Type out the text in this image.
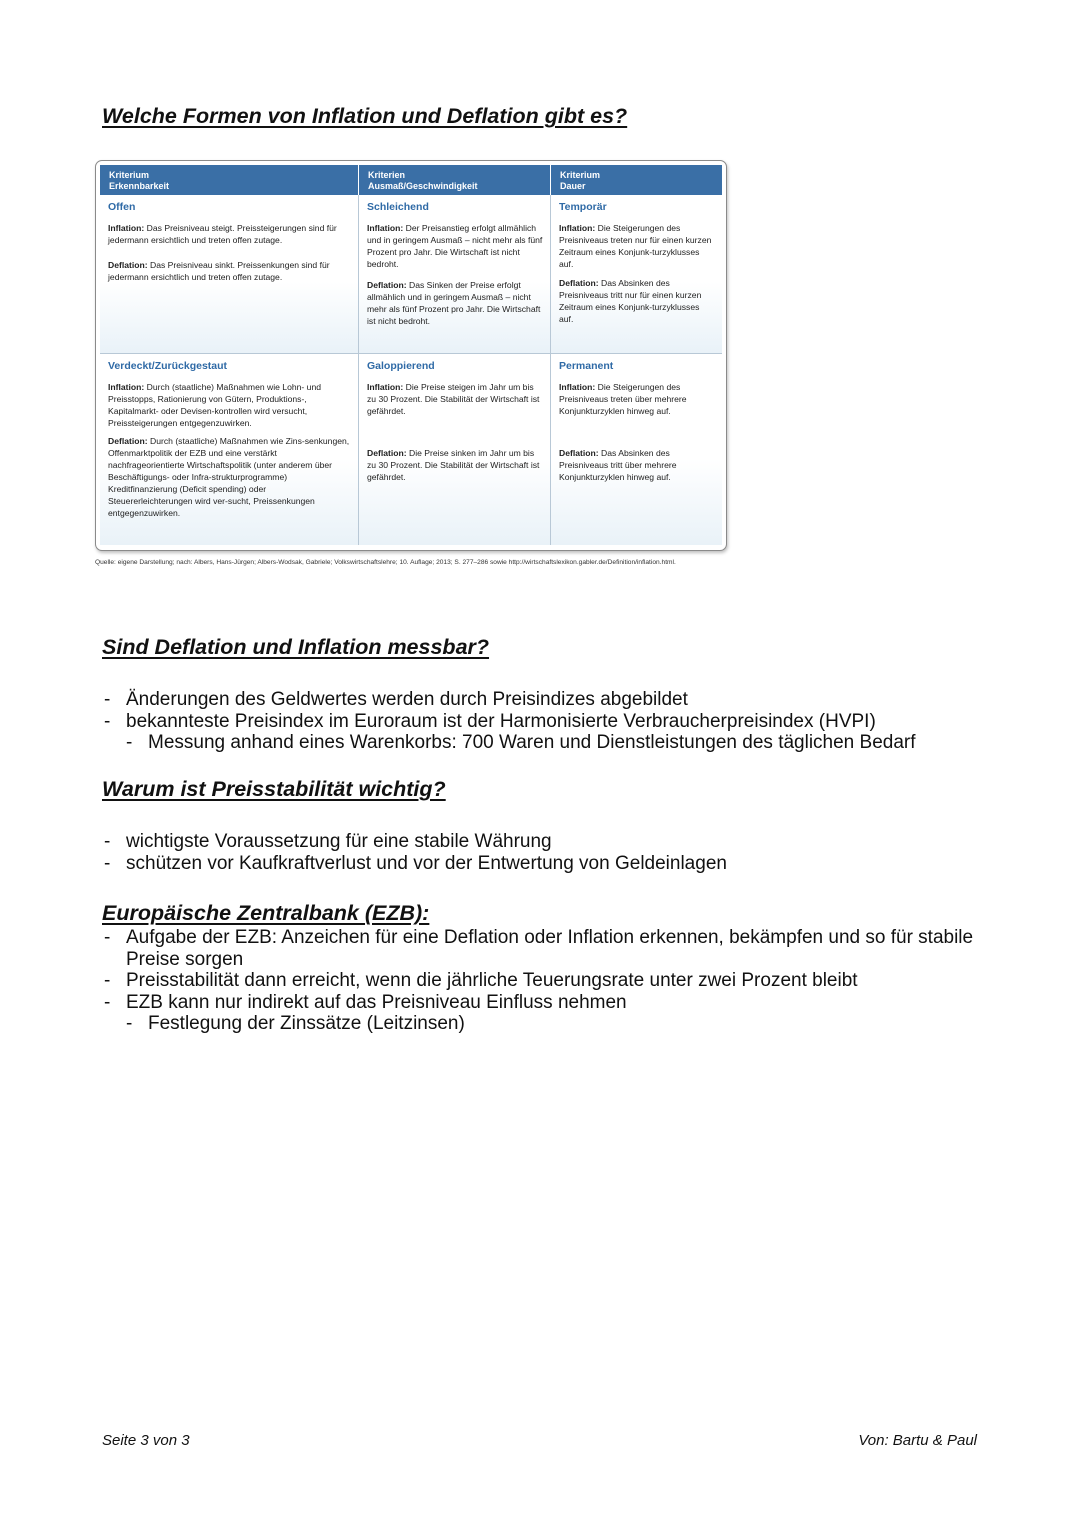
Welche Formen von Inflation und Deflation gibt es?
Kriterium
Erkennbarkeit
Kriterien
Ausmaß/Geschwindigkeit
Kriterium
Dauer
Offen

Inflation: Das Preisniveau steigt. Preissteigerungen sind für jedermann ersichtlich und treten offen zutage.

Deflation: Das Preisniveau sinkt. Preissenkungen sind für jedermann ersichtlich und treten offen zutage.

Schleichend

Inflation: Der Preisanstieg erfolgt allmählich und in geringem Ausmaß – nicht mehr als fünf Prozent pro Jahr. Die Wirtschaft ist nicht bedroht.

Deflation: Das Sinken der Preise erfolgt allmählich und in geringem Ausmaß – nicht mehr als fünf Prozent pro Jahr. Die Wirtschaft ist nicht bedroht.

Temporär

Inflation: Die Steigerungen des Preisniveaus treten nur für einen kurzen Zeitraum eines Konjunk-turzyklusses auf.

Deflation: Das Absinken des Preisniveaus tritt nur für einen kurzen Zeitraum eines Konjunk-turzyklusses auf.

Verdeckt/Zurückgestaut

Inflation: Durch (staatliche) Maßnahmen wie Lohn- und Preisstopps, Rationierung von Gütern, Produktions-, Kapitalmarkt- oder Devisen-kontrollen wird versucht, Preissteigerungen entgegenzuwirken.

Deflation: Durch (staatliche) Maßnahmen wie Zins-senkungen, Offenmarktpolitik der EZB und eine verstärkt nachfrageorientierte Wirtschaftspolitik (unter anderem über Beschäftigungs- oder Infra-strukturprogramme) Kreditfinanzierung (Deficit spending) oder Steuererleichterungen wird ver-sucht, Preissenkungen entgegenzuwirken.

Galoppierend

Inflation: Die Preise steigen im Jahr um bis zu 30 Prozent. Die Stabilität der Wirtschaft ist gefährdet.

Deflation: Die Preise sinken im Jahr um bis zu 30 Prozent. Die Stabilität der Wirtschaft ist gefährdet.

Permanent

Inflation: Die Steigerungen des Preisniveaus treten über mehrere Konjunkturzyklen hinweg auf.

Deflation: Das Absinken des Preisniveaus tritt über mehrere Konjunkturzyklen hinweg auf.

Quelle: eigene Darstellung; nach: Albers, Hans-Jürgen; Albers-Wodsak, Gabriele; Volkswirtschaftslehre; 10. Auflage; 2013; S. 277–286 sowie http://wirtschaftslexikon.gabler.de/Definition/inflation.html.
Sind Deflation und Inflation messbar?
- Änderungen des Geldwertes werden durch Preisindizes abgebildet
- bekannteste Preisindex im Euroraum ist der Harmonisierte Verbraucherpreisindex (HVPI)
- Messung anhand eines Warenkorbs: 700 Waren und Dienstleistungen des täglichen Bedarf
Warum ist Preisstabilität wichtig?
- wichtigste Voraussetzung für eine stabile Währung
- schützen vor Kaufkraftverlust und vor der Entwertung von Geldeinlagen
Europäische Zentralbank (EZB):
- Aufgabe der EZB: Anzeichen für eine Deflation oder Inflation erkennen, bekämpfen und so für stabile Preise sorgen
- Preisstabilität dann erreicht, wenn die jährliche Teuerungsrate unter zwei Prozent bleibt
- EZB kann nur indirekt auf das Preisniveau Einfluss nehmen
- Festlegung der Zinssätze (Leitzinsen)
Seite 3 von 3	Von: Bartu & Paul
